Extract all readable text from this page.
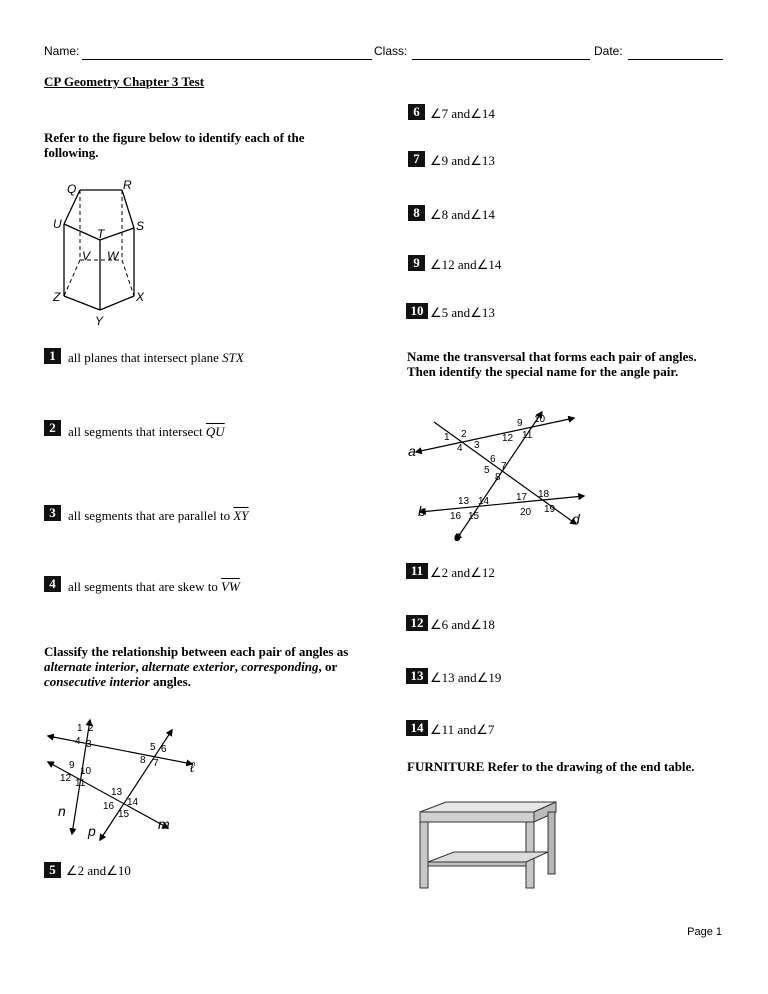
Name:	Class:	Date:
CP Geometry Chapter 3 Test
Refer to the figure below to identify each of the following.
Q	R
U	S
T
V W
Z	X
Y
1 all planes that intersect plane STX
2 all segments that intersect $\overline{QU}$
3 all segments that are parallel to $\overline{XY}$
4 all segments that are skew to $\overline{VW}$
Classify the relationship between each pair of angles as alternate interior, alternate exterior, corresponding, or consecutive interior angles.
1 2
4 3	5 6
8 7
9
10
12 11
13
14
16
15
ℓ
n
p	m
5 ∠2 and∠10
6 ∠7 and∠14
7 ∠9 and∠13
8 ∠8 and∠14
9 ∠12 and∠14
10 ∠5 and∠13
Name the transversal that forms each pair of angles. Then identify the special name for the angle pair.
1 2
4 3
9 10
12 11
6
5 7
8
13 14
16 15
17 18
20 19
a
b
c
d
11 ∠2 and∠12
12 ∠6 and∠18
13 ∠13 and∠19
14 ∠11 and∠7
FURNITURE Refer to the drawing of the end table.
Page 1
